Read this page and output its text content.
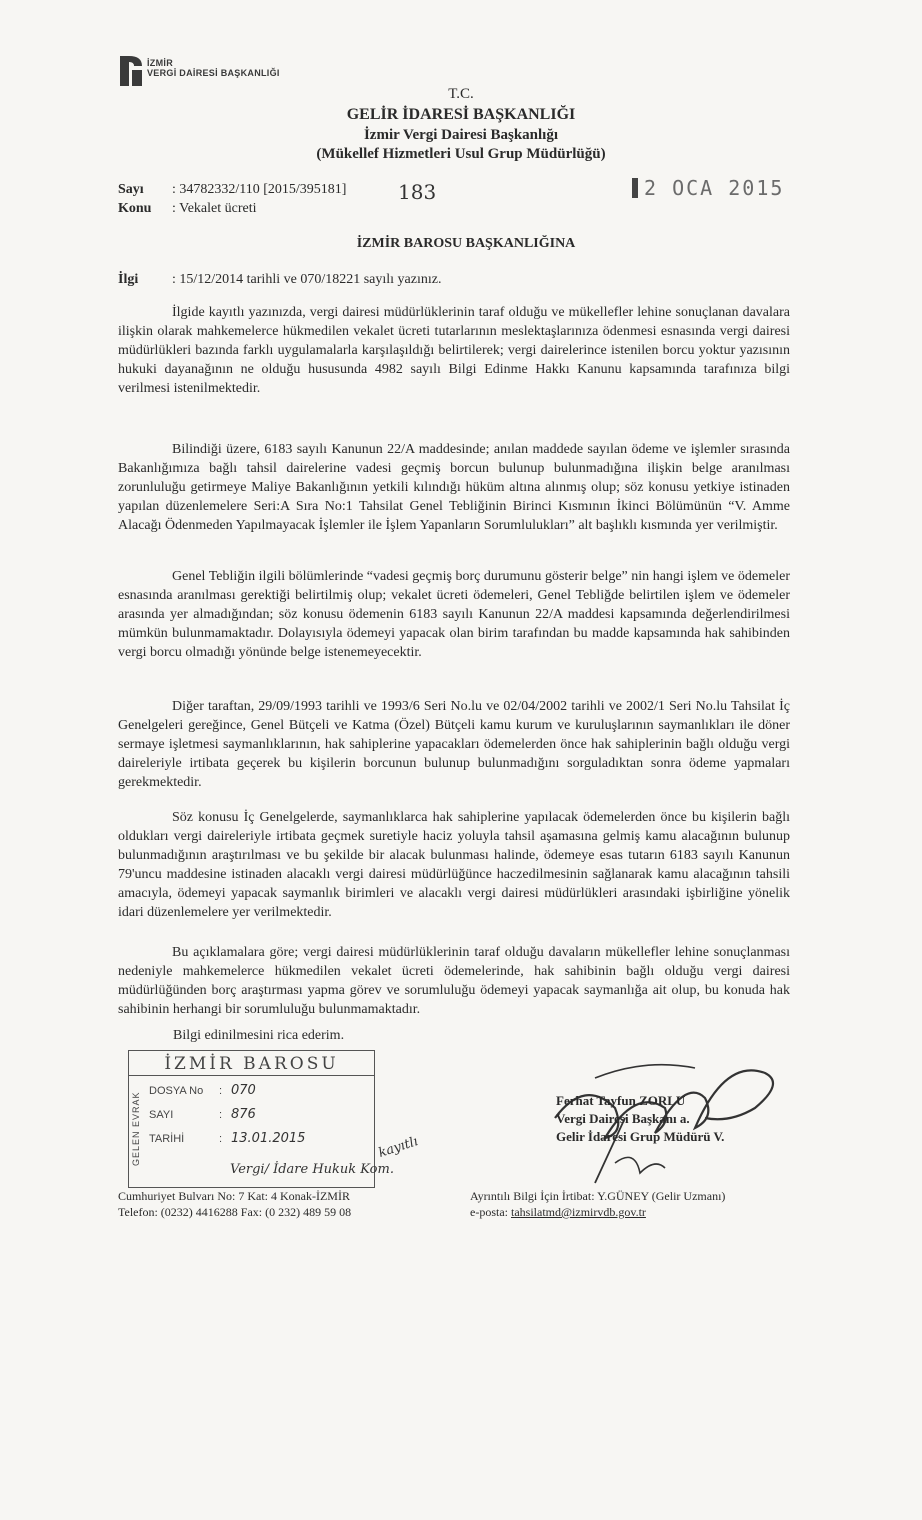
İZMİR
VERGİ DAİRESİ BAŞKANLIĞI
T.C.
GELİR İDARESİ BAŞKANLIĞI
İzmir Vergi Dairesi Başkanlığı
(Mükellef Hizmetleri Usul Grup Müdürlüğü)
Sayı : 34782332/110 [2015/395181]	183	2 OCA 2015
Konu : Vekalet ücreti
İZMİR BAROSU BAŞKANLIĞINA
İlgi : 15/12/2014 tarihli ve 070/18221 sayılı yazınız.

İlgide kayıtlı yazınızda, vergi dairesi müdürlüklerinin taraf olduğu ve mükellefler lehine sonuçlanan davalara ilişkin olarak mahkemelerce hükmedilen vekalet ücreti tutarlarının meslektaşlarınıza ödenmesi esnasında vergi dairesi müdürlükleri bazında farklı uygulamalarla karşılaşıldığı belirtilerek; vergi dairelerince istenilen borcu yoktur yazısının hukuki dayanağının ne olduğu hususunda 4982 sayılı Bilgi Edinme Hakkı Kanunu kapsamında tarafınıza bilgi verilmesi istenilmektedir.

Bilindiği üzere, 6183 sayılı Kanunun 22/A maddesinde; anılan maddede sayılan ödeme ve işlemler sırasında Bakanlığımıza bağlı tahsil dairelerine vadesi geçmiş borcun bulunup bulunmadığına ilişkin belge aranılması zorunluluğu getirmeye Maliye Bakanlığının yetkili kılındığı hüküm altına alınmış olup; söz konusu yetkiye istinaden yapılan düzenlemelere Seri:A Sıra No:1 Tahsilat Genel Tebliğinin Birinci Kısmının İkinci Bölümünün “V. Amme Alacağı Ödenmeden Yapılmayacak İşlemler ile İşlem Yapanların Sorumlulukları” alt başlıklı kısmında yer verilmiştir.

Genel Tebliğin ilgili bölümlerinde “vadesi geçmiş borç durumunu gösterir belge” nin hangi işlem ve ödemeler esnasında aranılması gerektiği belirtilmiş olup; vekalet ücreti ödemeleri, Genel Tebliğde belirtilen işlem ve ödemeler arasında yer almadığından; söz konusu ödemenin 6183 sayılı Kanunun 22/A maddesi kapsamında değerlendirilmesi mümkün bulunmamaktadır. Dolayısıyla ödemeyi yapacak olan birim tarafından bu madde kapsamında hak sahibinden vergi borcu olmadığı yönünde belge istenemeyecektir.

Diğer taraftan, 29/09/1993 tarihli ve 1993/6 Seri No.lu ve 02/04/2002 tarihli ve 2002/1 Seri No.lu Tahsilat İç Genelgeleri gereğince, Genel Bütçeli ve Katma (Özel) Bütçeli kamu kurum ve kuruluşlarının saymanlıkları ile döner sermaye işletmesi saymanlıklarının, hak sahiplerine yapacakları ödemelerden önce hak sahiplerinin bağlı olduğu vergi daireleriyle irtibata geçerek bu kişilerin borcunun bulunup bulunmadığını sorguladıktan sonra ödeme yapmaları gerekmektedir.

Söz konusu İç Genelgelerde, saymanlıklarca hak sahiplerine yapılacak ödemelerden önce bu kişilerin bağlı oldukları vergi daireleriyle irtibata geçmek suretiyle haciz yoluyla tahsil aşamasına gelmiş kamu alacağının bulunup bulunmadığının araştırılması ve bu şekilde bir alacak bulunması halinde, ödemeye esas tutarın 6183 sayılı Kanunun 79'uncu maddesine istinaden alacaklı vergi dairesi müdürlüğünce haczedilmesinin sağlanarak kamu alacağının tahsili amacıyla, ödemeyi yapacak saymanlık birimleri ve alacaklı vergi dairesi müdürlükleri arasındaki işbirliğine yönelik idari düzenlemelere yer verilmektedir.

Bu açıklamalara göre; vergi dairesi müdürlüklerinin taraf olduğu davaların mükellefler lehine sonuçlanması nedeniyle mahkemelerce hükmedilen vekalet ücreti ödemelerinde, hak sahibinin bağlı olduğu vergi dairesi müdürlüğünden borç araştırması yapma görev ve sorumluluğu ödemeyi yapacak saymanlığa ait olup, bu konuda hak sahibinin herhangi bir sorumluluğu bulunmamaktadır.

Bilgi edinilmesini rica ederim.
Ferhat Tayfun ZORLU
Vergi Dairesi Başkanı a.
Gelir İdaresi Grup Müdürü V.
İZMİR BAROSU
GELEN EVRAK
DOSYA No : 070
SAYI	: 876
TARİHİ	: 13.01.2015	kayıtlı
Vergi/ İdare Hukuk Kom.
Cumhuriyet Bulvarı No: 7 Kat: 4 Konak-İZMİR
Telefon: (0232) 4416288 Fax: (0 232) 489 59 08
Ayrıntılı Bilgi İçin İrtibat: Y.GÜNEY (Gelir Uzmanı)
e-posta: tahsilatmd@izmirvdb.gov.tr
